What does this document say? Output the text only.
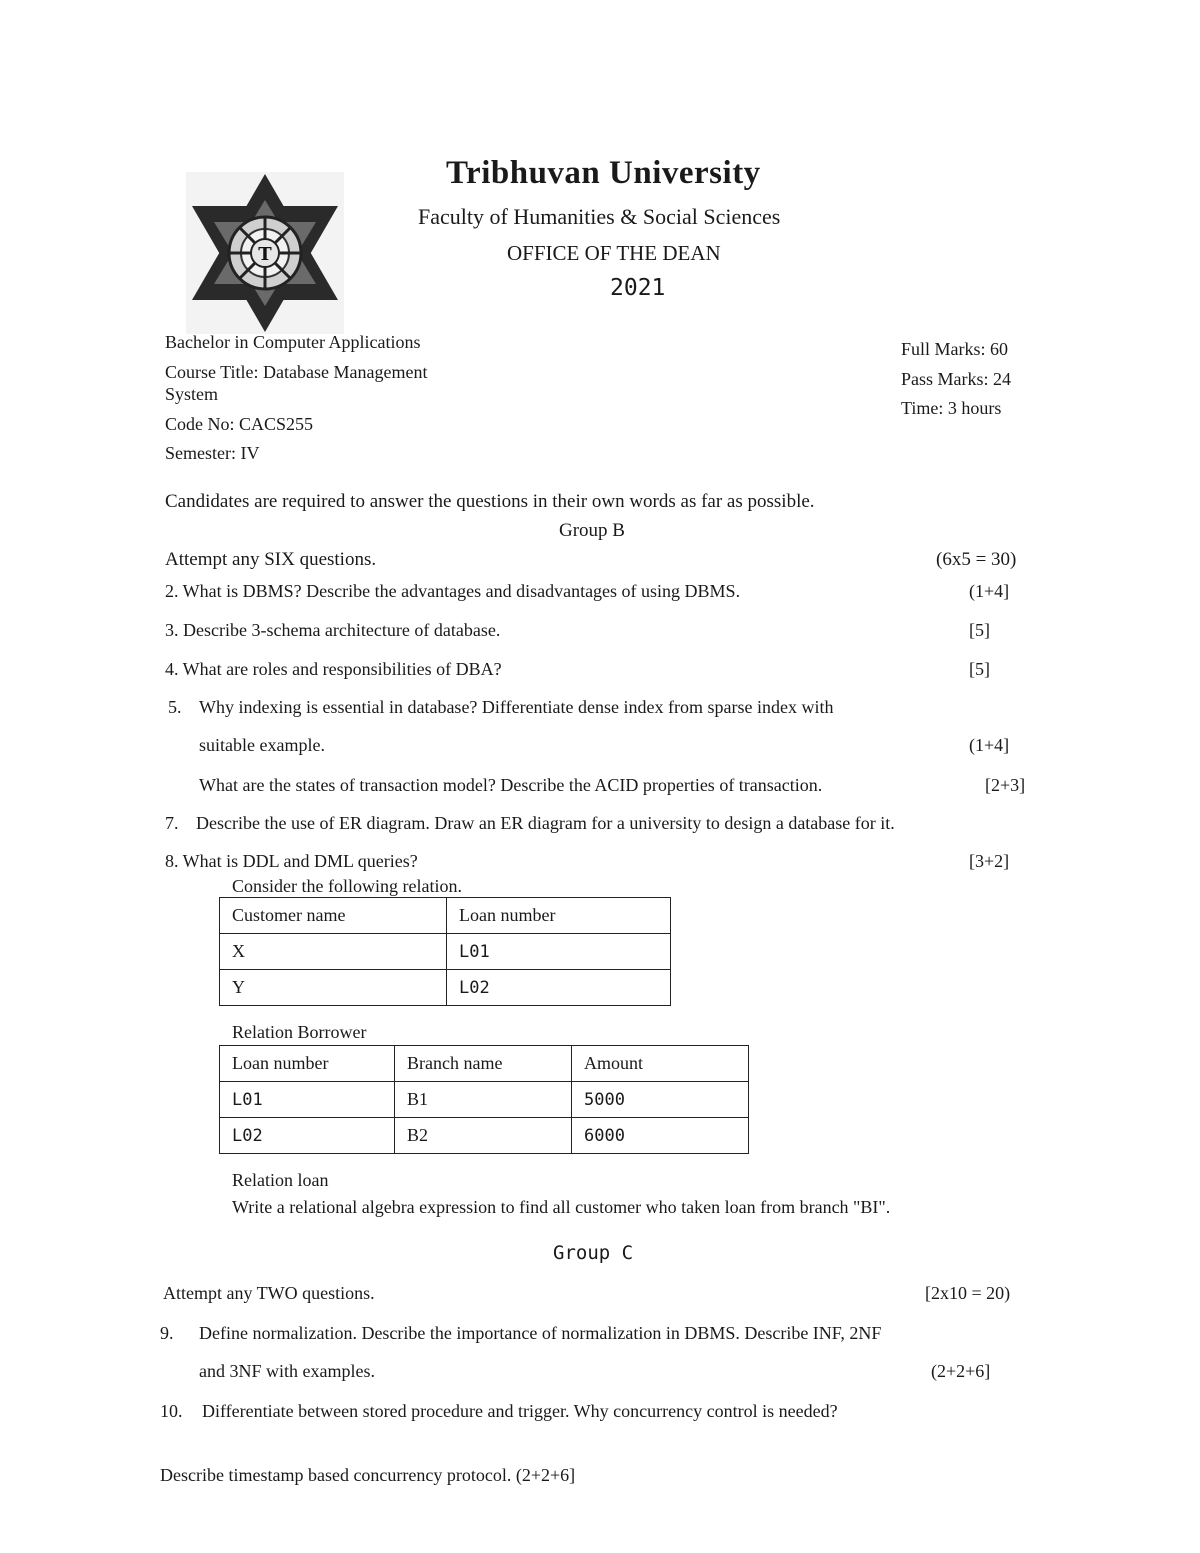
T
Tribhuvan University
Faculty of Humanities & Social Sciences
OFFICE OF THE DEAN
2021
Bachelor in Computer Applications
Course Title: Database Management
System
Code No: CACS255
Semester: IV
Full Marks: 60
Pass Marks: 24
Time: 3 hours
Candidates are required to answer the questions in their own words as far as possible.
Group B
Attempt any SIX questions.	(6x5 = 30)
2. What is DBMS? Describe the advantages and disadvantages of using DBMS.	(1+4]
3. Describe 3-schema architecture of database.	[5]
4. What are roles and responsibilities of DBA?	[5]
5. Why indexing is essential in database? Differentiate dense index from sparse index with
suitable example.	(1+4]
What are the states of transaction model? Describe the ACID properties of transaction.	[2+3]
7. Describe the use of ER diagram. Draw an ER diagram for a university to design a database for it.
8. What is DDL and DML queries?	[3+2]
Consider the following relation.
Customer name	Loan number
X	L01
Y	L02
Relation Borrower
Loan number	Branch name	Amount
L01	B1	5000
L02	B2	6000
Relation loan
Write a relational algebra expression to find all customer who taken loan from branch "BI".
Group C
Attempt any TWO questions.	[2x10 = 20)
9. Define normalization. Describe the importance of normalization in DBMS. Describe INF, 2NF
and 3NF with examples.	(2+2+6]
10. Differentiate between stored procedure and trigger. Why concurrency control is needed?
Describe timestamp based concurrency protocol. (2+2+6]
